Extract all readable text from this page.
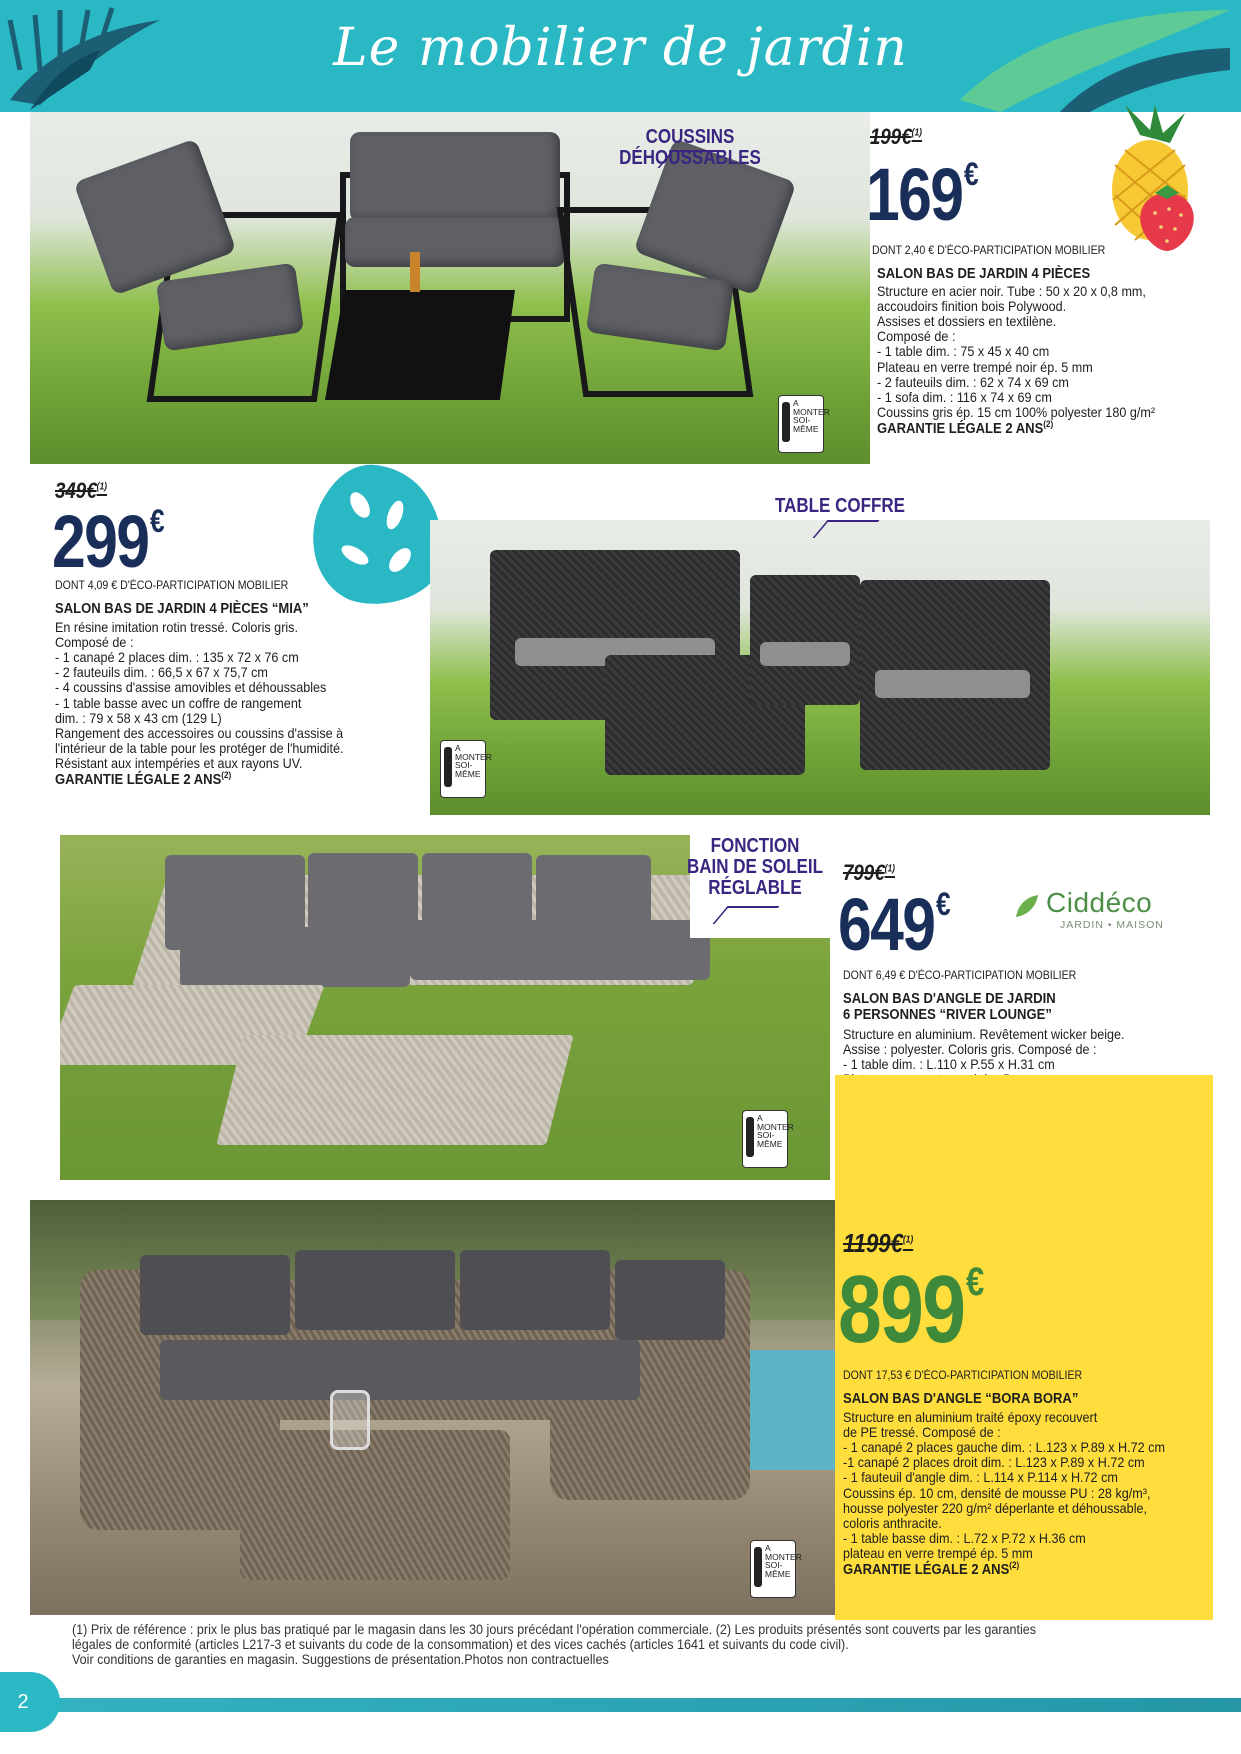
Le mobilier de jardin
COUSSINS DÉHOUSSABLES
A
MONTER
SOI-
MÊME
199€$^{(1)}$
169€
DONT 2,40 € D'ÉCO-PARTICIPATION MOBILIER
SALON BAS DE JARDIN 4 PIÈCES
Structure en acier noir. Tube : 50 x 20 x 0,8 mm,
accoudoirs finition bois Polywood.
Assises et dossiers en textilène.
Composé de :
- 1 table dim. : 75 x 45 x 40 cm
Plateau en verre trempé noir ép. 5 mm
- 2 fauteuils dim. : 62 x 74 x 69 cm
- 1 sofa dim. : 116 x 74 x 69 cm
Coussins gris ép. 15 cm 100% polyester 180 g/m²
GARANTIE LÉGALE 2 ANS$^{(2)}$
349€$^{(1)}$
299€
DONT 4,09 € D'ÉCO-PARTICIPATION MOBILIER
SALON BAS DE JARDIN 4 PIÈCES “MIA”
En résine imitation rotin tressé. Coloris gris.
Composé de :
- 1 canapé 2 places dim. : 135 x 72 x 76 cm
- 2 fauteuils dim. : 66,5 x 67 x 75,7 cm
- 4 coussins d'assise amovibles et déhoussables
- 1 table basse avec un coffre de rangement
dim. : 79 x 58 x 43 cm (129 L)
Rangement des accessoires ou coussins d'assise à
l'intérieur de la table pour les protéger de l'humidité.
Résistant aux intempéries et aux rayons UV.
GARANTIE LÉGALE 2 ANS$^{(2)}$
TABLE COFFRE
A
MONTER
SOI-
MÊME
FONCTION
BAIN DE SOLEIL
RÉGLABLE
A
MONTER
SOI-
MÊME
799€$^{(1)}$
649€	Ciddéco
JARDIN • MAISON
DONT 6,49 € D'ÉCO-PARTICIPATION MOBILIER
SALON BAS D'ANGLE DE JARDIN
6 PERSONNES “RIVER LOUNGE”
Structure en aluminium. Revêtement wicker beige.
Assise : polyester. Coloris gris. Composé de :
- 1 table dim. : L.110 x P.55 x H.31 cm
A
MONTER
SOI-
MÊME
1199€$^{(1)}$
899€
DONT 17,53 € D'ÉCO-PARTICIPATION MOBILIER
SALON BAS D'ANGLE “BORA BORA”
Structure en aluminium traité époxy recouvert
de PE tressé. Composé de :
- 1 canapé 2 places gauche dim. : L.123 x P.89 x H.72 cm
-1 canapé 2 places droit dim. : L.123 x P.89 x H.72 cm
- 1 fauteuil d'angle dim. : L.114 x P.114 x H.72 cm
Coussins ép. 10 cm, densité de mousse PU : 28 kg/m³,
housse polyester 220 g/m² déperlante et déhoussable,
coloris anthracite.
- 1 table basse dim. : L.72 x P.72 x H.36 cm
plateau en verre trempé ép. 5 mm
GARANTIE LÉGALE 2 ANS$^{(2)}$
(1) Prix de référence : prix le plus bas pratiqué par le magasin dans les 30 jours précédant l'opération commerciale. (2) Les produits présentés sont couverts par les garanties
légales de conformité (articles L217-3 et suivants du code de la consommation) et des vices cachés (articles 1641 et suivants du code civil).
Voir conditions de garanties en magasin. Suggestions de présentation.Photos non contractuelles
2
